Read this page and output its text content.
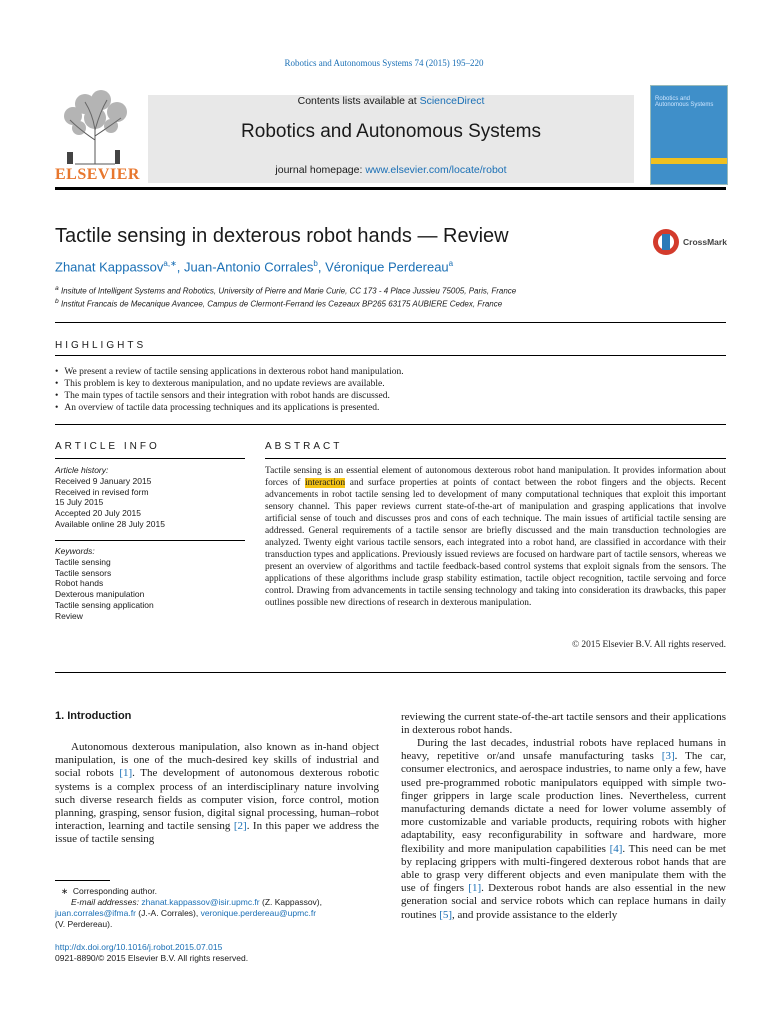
Robotics and Autonomous Systems 74 (2015) 195–220
ELSEVIER
Contents lists available at ScienceDirect
Robotics and Autonomous Systems
journal homepage: www.elsevier.com/locate/robot
Robotics and Autonomous Systems
Tactile sensing in dexterous robot hands — Review	CrossMark
Zhanat Kappassov$^{a,∗}$, Juan-Antonio Corrales$^b$, Véronique Perdereau$^a$
$^a$ Insitute of Intelligent Systems and Robotics, University of Pierre and Marie Curie, CC 173 - 4 Place Jussieu 75005, Paris, France
$^b$ Institut Francais de Mecanique Avancee, Campus de Clermont-Ferrand les Cezeaux BP265 63175 AUBIERE Cedex, France
HIGHLIGHTS
• We present a review of tactile sensing applications in dexterous robot hand manipulation.
• This problem is key to dexterous manipulation, and no update reviews are available.
• The main types of tactile sensors and their integration with robot hands are discussed.
• An overview of tactile data processing techniques and its applications is presented.
ARTICLE INFO
Article history:
Received 9 January 2015
Received in revised form
15 July 2015
Accepted 20 July 2015
Available online 28 July 2015
Keywords:
Tactile sensing
Tactile sensors
Robot hands
Dexterous manipulation
Tactile sensing application
Review
ABSTRACT
Tactile sensing is an essential element of autonomous dexterous robot hand manipulation. It provides information about forces of interaction and surface properties at points of contact between the robot fingers and the objects. Recent advancements in robot tactile sensing led to development of many computational techniques that exploit this important sensory channel. This paper reviews current state-of-the-art of manipulation and grasping applications that involve artificial sense of touch and discusses pros and cons of each technique. The main issues of artificial tactile sensing are addressed. General requirements of a tactile sensor are briefly discussed and the main transduction technologies are analyzed. Twenty eight various tactile sensors, each integrated into a robot hand, are classified in accordance with their transduction types and applications. Previously issued reviews are focused on hardware part of tactile sensors, whereas we present an overview of algorithms and tactile feedback-based control systems that exploit signals from the sensors. The applications of these algorithms include grasp stability estimation, tactile object recognition, tactile servoing and force control. Drawing from advancements in tactile sensing technology and taking into consideration its drawbacks, this paper outlines possible new directions of research in dexterous manipulation.
© 2015 Elsevier B.V. All rights reserved.
1. Introduction
Autonomous dexterous manipulation, also known as in-hand object manipulation, is one of the much-desired key skills of industrial and social robots [1]. The development of autonomous dexterous robotic systems is a complex process of an interdisciplinary nature involving such diverse research fields as computer vision, force control, motion planning, grasping, sensor fusion, digital signal processing, human–robot interaction, learning and tactile sensing [2]. In this paper we address the issue of tactile sensing
reviewing the current state-of-the-art tactile sensors and their applications in dexterous robot hands.
During the last decades, industrial robots have replaced humans in heavy, repetitive or/and unsafe manufacturing tasks [3]. The car, consumer electronics, and aerospace industries, to name only a few, have used pre-programmed robotic manipulators equipped with simple two-finger grippers in large scale production lines. Nevertheless, current manufacturing demands dictate a need for lower volume assembly of more customizable and variable products, requiring robots with higher adaptability, easy reconfigurability in software and hardware, more flexibility and more manipulation capabilities [4]. This need can be met by replacing grippers with multi-fingered dexterous robot hands that are able to grasp very different objects and even manipulate them with the use of fingers [1]. Dexterous robot hands are also essential in the new generation social and service robots which can replace humans in daily routines [5], and provide assistance to the elderly
∗ Corresponding author.
E-mail addresses: zhanat.kappassov@isir.upmc.fr (Z. Kappassov),
juan.corrales@ifma.fr (J.-A. Corrales), veronique.perdereau@upmc.fr
(V. Perdereau).
http://dx.doi.org/10.1016/j.robot.2015.07.015
0921-8890/© 2015 Elsevier B.V. All rights reserved.
